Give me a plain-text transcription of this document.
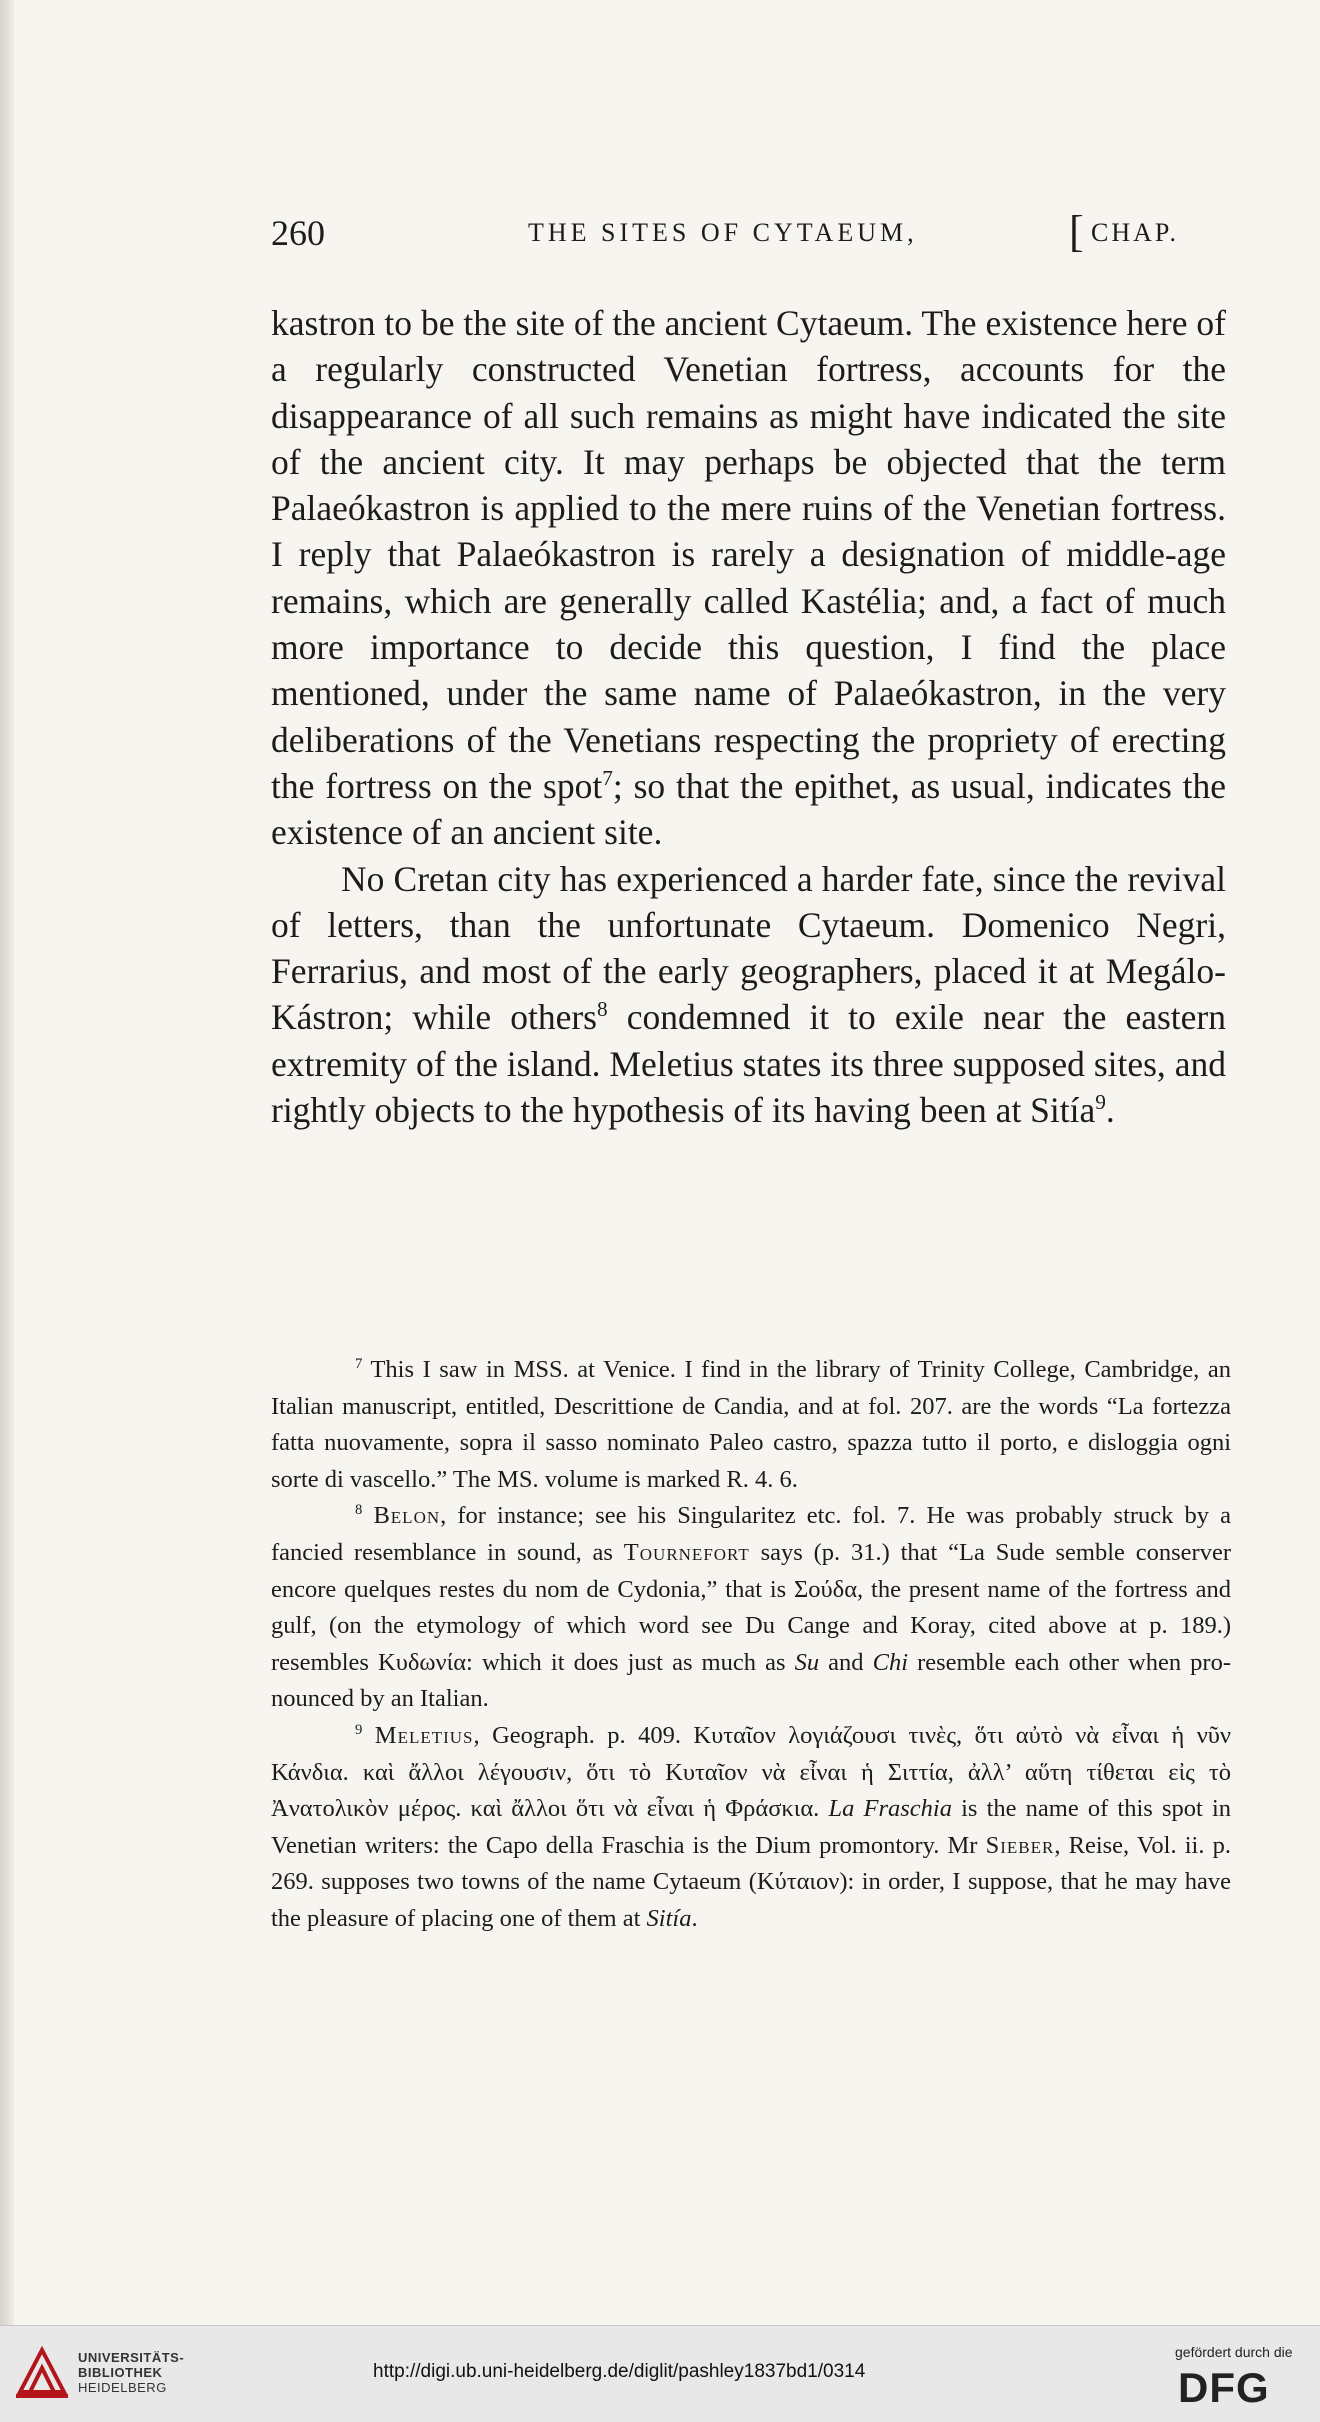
260	THE SITES OF CYTAEUM,	[ CHAP.

kastron to be the site of the ancient Cytaeum. The existence here of a regularly constructed Venetian fortress, accounts for the disappearance of all such remains as might have indicated the site of the ancient city. It may perhaps be objected that the term Palaeókastron is applied to the mere ruins of the Venetian fortress. I reply that Palaeókastron is rarely a designation of middle-age remains, which are generally called Kastélia; and, a fact of much more importance to decide this question, I find the place mentioned, under the same name of Palaeókastron, in the very deliberations of the Venetians respecting the propriety of erecting the fortress on the spot$^7$; so that the epithet, as usual, indicates the existence of an ancient site.

No Cretan city has experienced a harder fate, since the revival of letters, than the unfortunate Cytaeum. Domenico Negri, Ferrarius, and most of the early geographers, placed it at Megálo-Kástron; while others$^8$ condemned it to exile near the eastern extremity of the island. Meletius states its three supposed sites, and rightly objects to the hypothesis of its having been at Sitía$^9$.

$^7$ This I saw in MSS. at Venice. I find in the library of Trinity College, Cambridge, an Italian manuscript, entitled, Descrittione de Candia, and at fol. 207. are the words “La fortezza fatta nuovamente, sopra il sasso nominato Paleo castro, spazza tutto il porto, e disloggia ogni sorte di vascello.” The MS. volume is marked R. 4. 6.

$^8$ Belon, for instance; see his Singularitez etc. fol. 7. He was probably struck by a fancied resemblance in sound, as Tournefort says (p. 31.) that “La Sude semble conserver encore quelques restes du nom de Cydonia,” that is Σούδα, the present name of the fortress and gulf, (on the etymology of which word see Du Cange and Koray, cited above at p. 189.) resembles Κυδωνία: which it does just as much as Su and Chi resemble each other when pronounced by an Italian.

$^9$ Meletius, Geograph. p. 409. Κυταῖον λογιάζουσι τινὲς, ὅτι αὐτὸ νὰ εἶναι ἡ νῦν Κάνδια. καὶ ἄλλοι λέγουσιν, ὅτι τὸ Κυταῖον νὰ εἶναι ἡ Σιττία, ἀλλ’ αὕτη τίθεται εἰς τὸ Ἀνατολικὸν μέρος. καὶ ἄλλοι ὅτι νὰ εἶναι ἡ Φράσκια. La Fraschia is the name of this spot in Venetian writers: the Capo della Fraschia is the Dium promontory. Mr Sieber, Reise, Vol. ii. p. 269. supposes two towns of the name Cytaeum (Κύταιον): in order, I suppose, that he may have the pleasure of placing one of them at Sitía.

UNIVERSITÄTS-
BIBLIOTHEK
HEIDELBERG
http://digi.ub.uni-heidelberg.de/diglit/pashley1837bd1/0314
gefördert durch die
DFG
